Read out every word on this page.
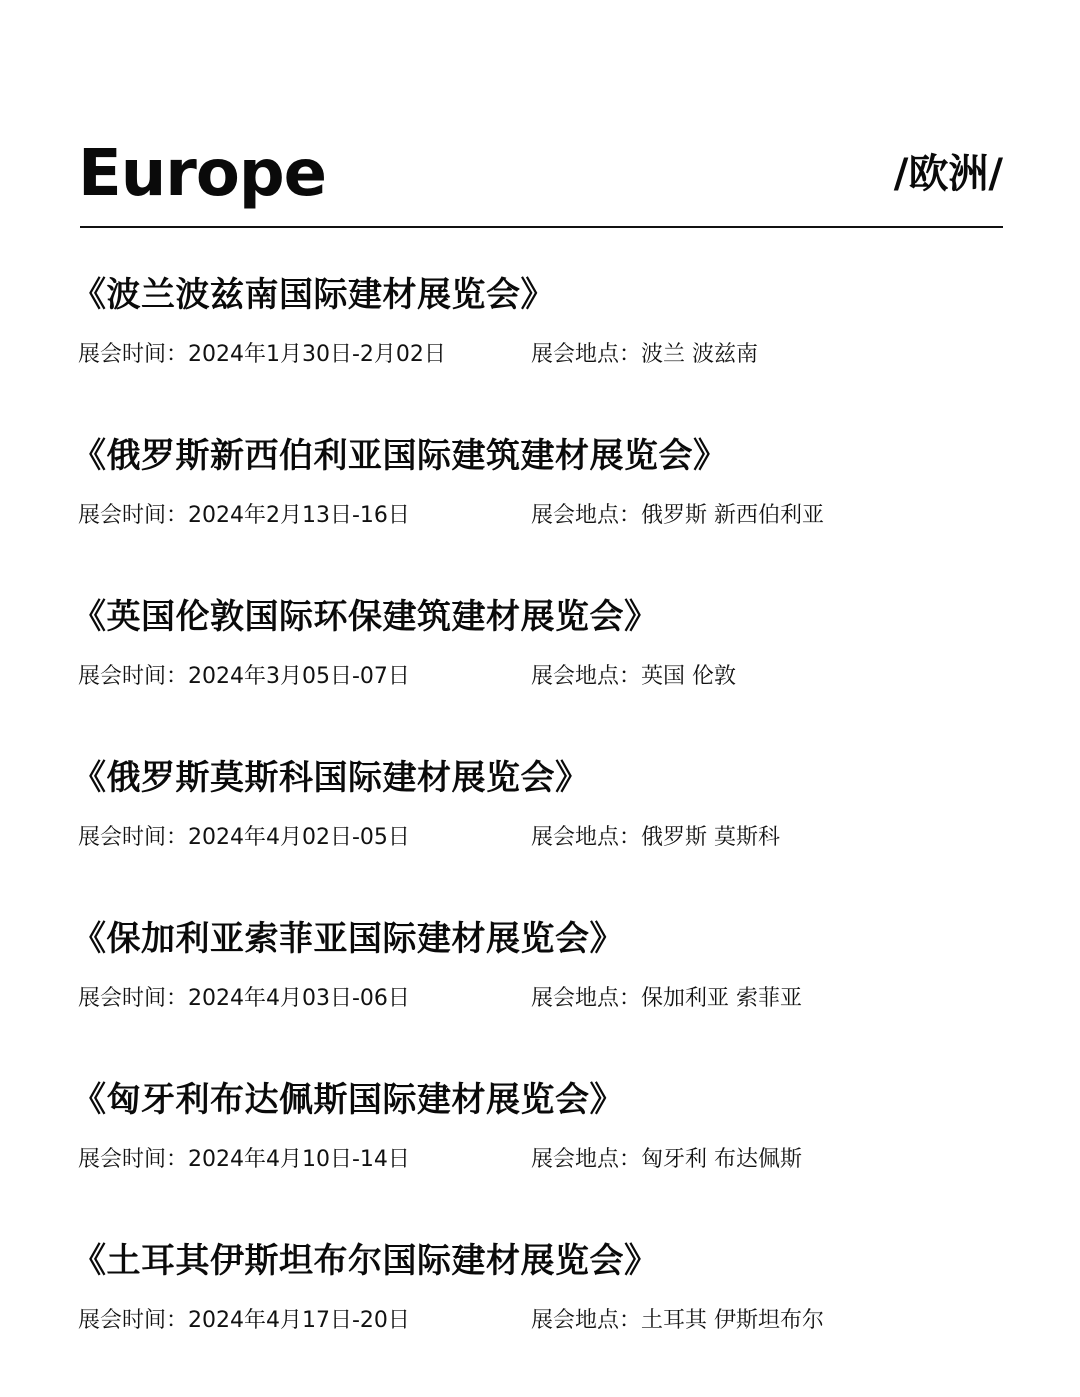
Europe	/欧洲/
《波兰波兹南国际建材展览会》
展会时间：2024年1月30日-2月02日	展会地点：波兰 波兹南
《俄罗斯新西伯利亚国际建筑建材展览会》
展会时间：2024年2月13日-16日	展会地点：俄罗斯 新西伯利亚
《英国伦敦国际环保建筑建材展览会》
展会时间：2024年3月05日-07日	展会地点：英国 伦敦
《俄罗斯莫斯科国际建材展览会》
展会时间：2024年4月02日-05日	展会地点：俄罗斯 莫斯科
《保加利亚索菲亚国际建材展览会》
展会时间：2024年4月03日-06日	展会地点：保加利亚 索菲亚
《匈牙利布达佩斯国际建材展览会》
展会时间：2024年4月10日-14日	展会地点：匈牙利 布达佩斯
《土耳其伊斯坦布尔国际建材展览会》
展会时间：2024年4月17日-20日	展会地点：土耳其 伊斯坦布尔
